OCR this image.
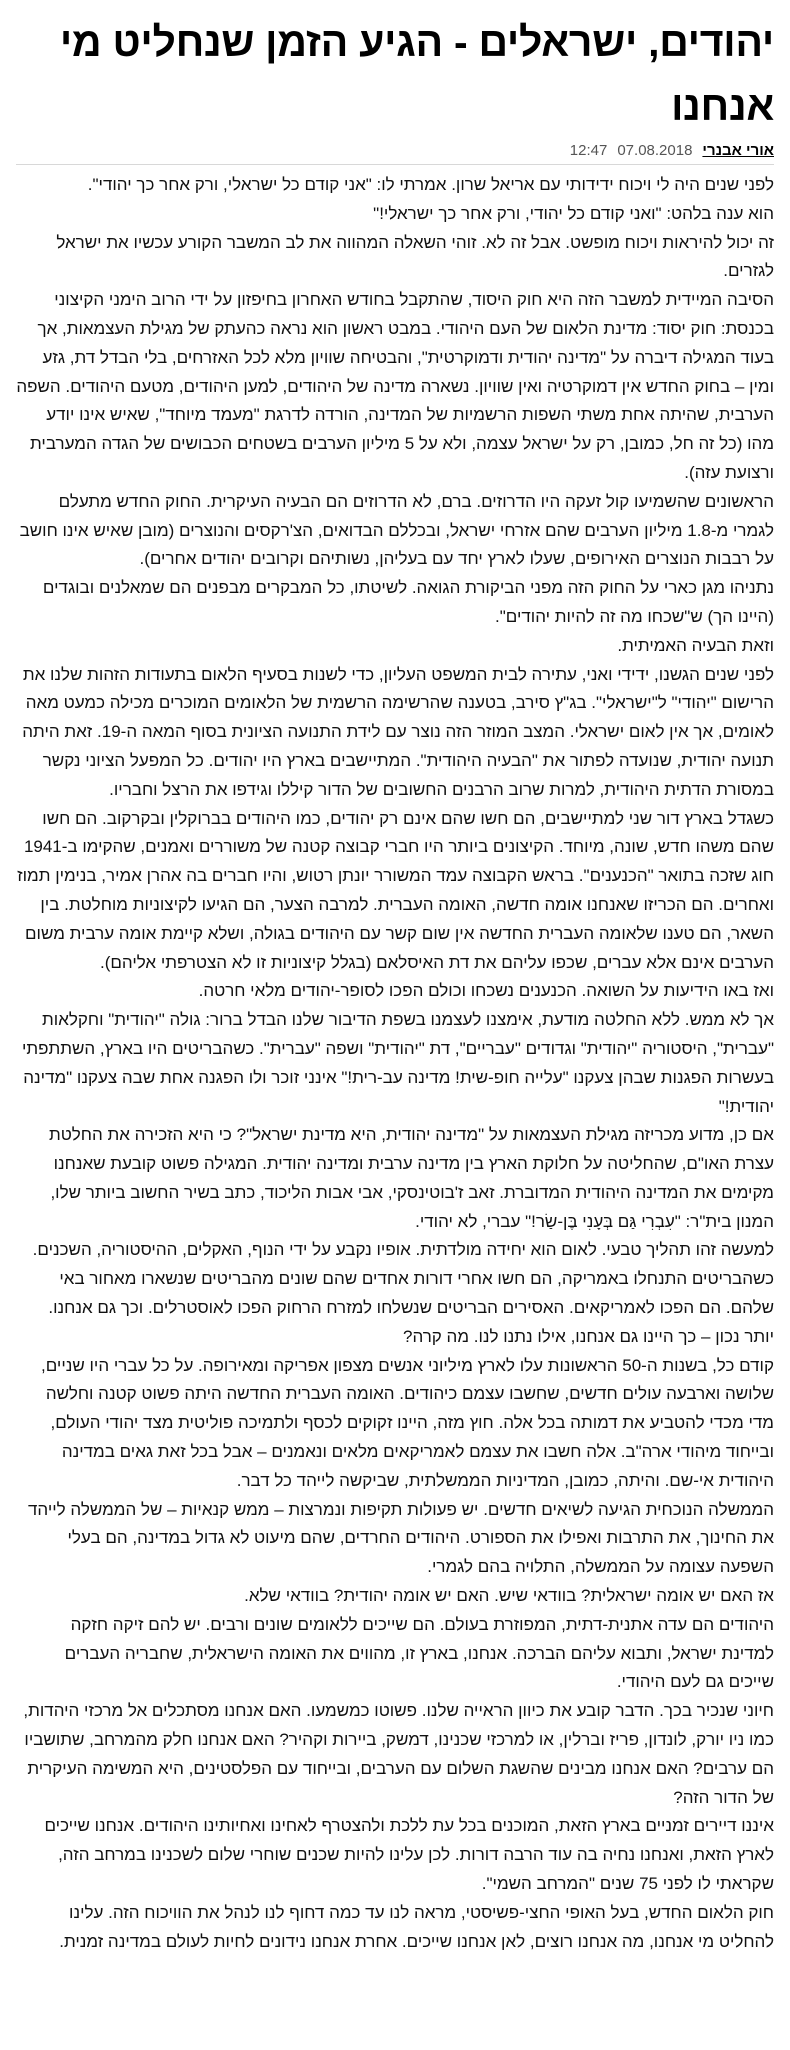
יהודים, ישראלים - הגיע הזמן שנחליט מי אנחנו
אורי אבנרי
12:47 07.08.2018

לפני שנים היה לי ויכוח ידידותי עם אריאל שרון. אמרתי לו: "אני קודם כל ישראלי, ורק אחר כך יהודי".

הוא ענה בלהט: "ואני קודם כל יהודי, ורק אחר כך ישראלי!"

זה יכול להיראות ויכוח מופשט. אבל זה לא. זוהי השאלה המהווה את לב המשבר הקורע עכשיו את ישראל לגזרים.

הסיבה המיידית למשבר הזה היא חוק היסוד, שהתקבל בחודש האחרון בחיפזון על ידי הרוב הימני הקיצוני בכנסת: חוק יסוד: מדינת הלאום של העם היהודי. במבט ראשון הוא נראה כהעתק של מגילת העצמאות, אך בעוד המגילה דיברה על "מדינה יהודית ודמוקרטית", והבטיחה שוויון מלא לכל האזרחים, בלי הבדל דת, גזע ומין – בחוק החדש אין דמוקרטיה ואין שוויון. נשארה מדינה של היהודים, למען היהודים, מטעם היהודים. השפה הערבית, שהיתה אחת משתי השפות הרשמיות של המדינה, הורדה לדרגת "מעמד מיוחד", שאיש אינו יודע מהו (כל זה חל, כמובן, רק על ישראל עצמה, ולא על 5 מיליון הערבים בשטחים הכבושים של הגדה המערבית ורצועת עזה).

הראשונים שהשמיעו קול זעקה היו הדרוזים. ברם, לא הדרוזים הם הבעיה העיקרית. החוק החדש מתעלם לגמרי מ-1.8 מיליון הערבים שהם אזרחי ישראל, ובכללם הבדואים, הצ'רקסים והנוצרים (מובן שאיש אינו חושב על רבבות הנוצרים האירופים, שעלו לארץ יחד עם בעליהן, נשותיהם וקרובים יהודים אחרים).

נתניהו מגן כארי על החוק הזה מפני הביקורת הגואה. לשיטתו, כל המבקרים מבפנים הם שמאלנים ובוגדים (היינו הך) ש"שכחו מה זה להיות יהודים".

וזאת הבעיה האמיתית.

לפני שנים הגשנו, ידידי ואני, עתירה לבית המשפט העליון, כדי לשנות בסעיף הלאום בתעודות הזהות שלנו את הרישום "יהודי" ל"ישראלי". בג"ץ סירב, בטענה שהרשימה הרשמית של הלאומים המוכרים מכילה כמעט מאה לאומים, אך אין לאום ישראלי. המצב המוזר הזה נוצר עם לידת התנועה הציונית בסוף המאה ה-19. זאת היתה תנועה יהודית, שנועדה לפתור את "הבעיה היהודית". המתיישבים בארץ היו יהודים. כל המפעל הציוני נקשר במסורת הדתית היהודית, למרות שרוב הרבנים החשובים של הדור קיללו וגידפו את הרצל וחבריו.

כשגדל בארץ דור שני למתיישבים, הם חשו שהם אינם רק יהודים, כמו היהודים בברוקלין ובקרקוב. הם חשו שהם משהו חדש, שונה, מיוחד. הקיצונים ביותר היו חברי קבוצה קטנה של משוררים ואמנים, שהקימו ב-1941 חוג שזכה בתואר "הכנענים". בראש הקבוצה עמד המשורר יונתן רטוש, והיו חברים בה אהרן אמיר, בנימין תמוז ואחרים. הם הכריזו שאנחנו אומה חדשה, האומה העברית. למרבה הצער, הם הגיעו לקיצוניות מוחלטת. בין השאר, הם טענו שלאומה העברית החדשה אין שום קשר עם היהודים בגולה, ושלא קיימת אומה ערבית משום הערבים אינם אלא עברים, שכפו עליהם את דת האיסלאם (בגלל קיצוניות זו לא הצטרפתי אליהם).

ואז באו הידיעות על השואה. הכנענים נשכחו וכולם הפכו לסופר-יהודים מלאי חרטה.

אך לא ממש. ללא החלטה מודעת, אימצנו לעצמנו בשפת הדיבור שלנו הבדל ברור: גולה "יהודית" וחקלאות "עברית", היסטוריה "יהודית" וגדודים "עבריים", דת "יהודית" ושפה "עברית". כשהבריטים היו בארץ, השתתפתי בעשרות הפגנות שבהן צעקנו "עלייה חופ-שית! מדינה עב-רית!" אינני זוכר ולו הפגנה אחת שבה צעקנו "מדינה יהודית!"

אם כן, מדוע מכריזה מגילת העצמאות על "מדינה יהודית, היא מדינת ישראל"? כי היא הזכירה את החלטת עצרת האו"ם, שהחליטה על חלוקת הארץ בין מדינה ערבית ומדינה יהודית. המגילה פשוט קובעת שאנחנו מקימים את המדינה היהודית המדוברת. זאב ז'בוטינסקי, אבי אבות הליכוד, כתב בשיר החשוב ביותר שלו, המנון בית"ר: "עִבְרִי גַּם בְּעָנִי בֶּן-שַׂר!" עברי, לא יהודי.

למעשה זהו תהליך טבעי. לאום הוא יחידה מולדתית. אופיו נקבע על ידי הנוף, האקלים, ההיסטוריה, השכנים. כשהבריטים התנחלו באמריקה, הם חשו אחרי דורות אחדים שהם שונים מהבריטים שנשארו מאחור באי שלהם. הם הפכו לאמריקאים. האסירים הבריטים שנשלחו למזרח הרחוק הפכו לאוסטרלים. וכך גם אנחנו. יותר נכון – כך היינו גם אנחנו, אילו נתנו לנו. מה קרה?

קודם כל, בשנות ה-50 הראשונות עלו לארץ מיליוני אנשים מצפון אפריקה ומאירופה. על כל עברי היו שניים, שלושה וארבעה עולים חדשים, שחשבו עצמם כיהודים. האומה העברית החדשה היתה פשוט קטנה וחלשה מדי מכדי להטביע את דמותה בכל אלה. חוץ מזה, היינו זקוקים לכסף ולתמיכה פוליטית מצד יהודי העולם, ובייחוד מיהודי ארה"ב. אלה חשבו את עצמם לאמריקאים מלאים ונאמנים – אבל בכל זאת גאים במדינה היהודית אי-שם. והיתה, כמובן, המדיניות הממשלתית, שביקשה לייהד כל דבר.

הממשלה הנוכחית הגיעה לשיאים חדשים. יש פעולות תקיפות ונמרצות – ממש קנאיות – של הממשלה לייהד את החינוך, את התרבות ואפילו את הספורט. היהודים החרדים, שהם מיעוט לא גדול במדינה, הם בעלי השפעה עצומה על הממשלה, התלויה בהם לגמרי.

אז האם יש אומה ישראלית? בוודאי שיש. האם יש אומה יהודית? בוודאי שלא.

היהודים הם עדה אתנית-דתית, המפוזרת בעולם. הם שייכים ללאומים שונים ורבים. יש להם זיקה חזקה למדינת ישראל, ותבוא עליהם הברכה. אנחנו, בארץ זו, מהווים את האומה הישראלית, שחבריה העברים שייכים גם לעם היהודי.

חיוני שנכיר בכך. הדבר קובע את כיוון הראייה שלנו. פשוטו כמשמעו. האם אנחנו מסתכלים אל מרכזי היהדות, כמו ניו יורק, לונדון, פריז וברלין, או למרכזי שכנינו, דמשק, ביירות וקהיר? האם אנחנו חלק מהמרחב, שתושביו הם ערבים? האם אנחנו מבינים שהשגת השלום עם הערבים, ובייחוד עם הפלסטינים, היא המשימה העיקרית של הדור הזה?

איננו דיירים זמניים בארץ הזאת, המוכנים בכל עת ללכת ולהצטרף לאחינו ואחיותינו היהודים. אנחנו שייכים לארץ הזאת, ואנחנו נחיה בה עוד הרבה דורות. לכן עלינו להיות שכנים שוחרי שלום לשכנינו במרחב הזה, שקראתי לו לפני 75 שנים "המרחב השמי".

חוק הלאום החדש, בעל האופי החצי-פשיסטי, מראה לנו עד כמה דחוף לנו לנהל את הוויכוח הזה. עלינו להחליט מי אנחנו, מה אנחנו רוצים, לאן אנחנו שייכים. אחרת אנחנו נידונים לחיות לעולם במדינה זמנית.
